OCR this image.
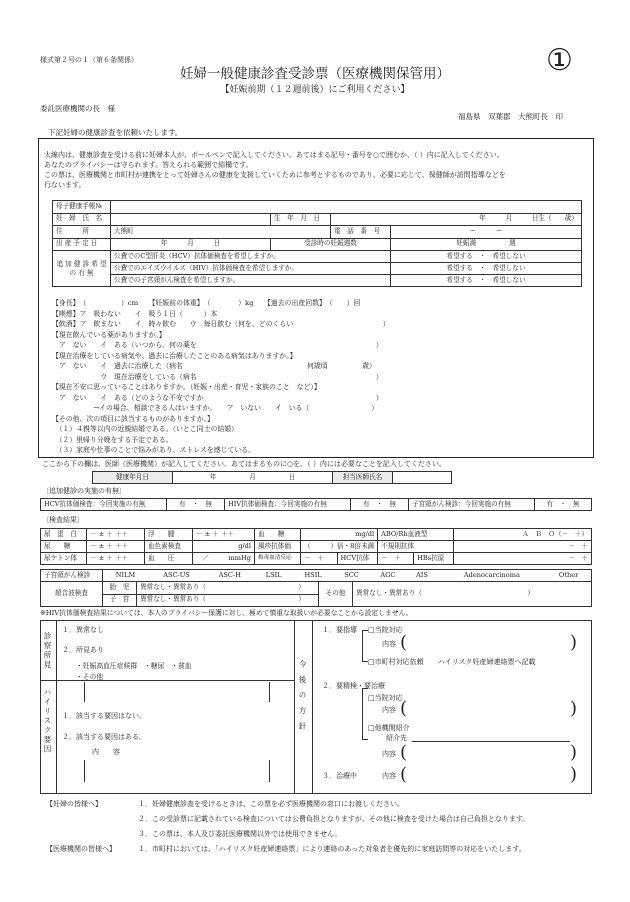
様式第２号の１（第６条関係）
妊婦一般健康診査受診票（医療機関保管用）
【妊娠前期（１２週前後）にご利用ください】
①
委託医療機関の長　様
福島県　双葉郡　大熊町長　印
下記妊婦の健康診査を依頼いたします。
太線内は、健康診査を受ける前に妊婦本人が、ボールペンで記入してください。あてはまる記号・番号を○で囲むか、（ ）内に記入してください。
あなたのプライバシーは守られます。答えられる範囲で結構です。
この票は、医療機関と市町村が連携をとって妊婦さんの健康を支援していくために参考とするものであり、必要に応じて、保健師が訪問指導などを
行ないます。
母子健康手帳№				
妊　婦　氏　名		生　年　月　日	年　　　月　　　日生（　　歳）	
住　　　所	大熊町		電　話　番　号	ー　　　ー
出 産 予 定 日	年　　　月　　　日	受診時の妊娠週数		妊娠満　　　　　週
追 加 健 診 希 望 の 有 無	公費でのC型肝炎（HCV）抗体価検査を希望しますか。			希望する　・　希望しない
	公費でのエイズウイルス（HIV）抗体価検査を希望しますか。			希望する　・　希望しない
	公費での子宮頸がん検査を希望しますか。			希望する　・　希望しない
【身長】　（　　　　　）cm　　【妊娠前の体重】　（　　　　）kg　　【過去の出産回数】　（　　）回
【喫煙】ア　吸わない　　イ　吸う１日（　　　）本
【飲酒】ア　飲まない　　イ　時々飲む　　ウ　毎日飲む（何を、どのくらい　　　　　　　　　　　　　）
【現在飲んでいる薬がありますか。】
　ア　ない　　イ　ある（いつから、何の薬を　　　　　　　　　　　　　　　　　　　　　　　　　　）
【現在治療をしている病気や、過去に治療したことのある病気はありますか。】
　ア　ない　　イ　過去に治療した（病名　　　　　　　　　　　　　　　　　　何歳頃　　　　　歳）
　　　　　　　ウ　現在治療をしている（病名　　　　　　　　　　　　　　　　　　　　　　　　　　）
【現在不安に思っていることはありますか。（妊娠・出産・育児・家族のこと　など）】
　ア　ない　　イ　ある（どのような不安ですか　　　　　　　　　　　　　　　　　　　　　　　　　）
　　　　　　→イの場合、相談できる人はいますか。　　ア　いない　　イ　いる（　　　　　　　　　）
【その他、次の項目に該当するものがありますか。】
　（１）４親等以内の近親結婚である。（いとこ同士の結婚）
　（２）里帰り分娩をする予定である。
　（３）家庭や仕事のことで悩みがあり、ストレスを感じている。
ここから下の欄は、医師（医療機関）が記入してください。あてはまるものに○を、（ ）内には必要なことを記入してください。
健康年月日	年　　　　　月　　　　　日	担当医師氏名	
〔追加健診の実施の有無〕
HCV抗体価検査：今回実施の有無	有　・　無	HIV抗体価検査：今回実施の有無	有　・　無	子宮頸がん検診：今回実施の有無	有　・　無
〔検査結果〕
尿　蛋　白	－ ± ＋ ＋＋	浮　　腫	－ ± ＋ ＋＋	血　　糖	mg/dl		ABO/Rh血液型		Ａ　Ｂ　Ｏ（－　＋）
尿　　糖	－ ± ＋ ＋＋	血色素検査	g/dl	風疹抗体価	（　　　）倍・8倍未満		不規則抗体		－　＋
尿ケトン体	－ ± ＋ ＋＋	血　　圧	／　　　mmHg	梅毒血清反応	－　＋	HCV抗体	－　＋	HBs抗原	－　＋
子宮頸がん検診	NILM	ASC-US	ASC-H	LSIL	HSIL	SCC	AGC	AIS	Adenocarcinoma	Other
超音波検査	胎　児	異常なし・異常あり（　　　　　　　　　　　　　　）	その他	異常なし・異常あり（　　　　　　　　　　　　　　　　）
	子　宮	異常なし・異常あり（　　　　　　　　　　　　　　）		
※HIV抗体価検査結果については、本人のプライバシー保護に対し、極めて慎重な取扱いが必要なことから設定しません。
診察所見
１．異常なし
２．所見あり
・妊娠高血圧症候群　・糖尿　・貧血
・その他
ハイリスク要因 １．該当する要因はない。
２．該当する要因はある。
内　　容
今後の方針
１．要指導 □当院対応
内容 (	)
□市町村対応依頼　　ハイリスク妊産婦連絡票へ記載
２．要精検・要治療
□当院対応
内容 (	)
□他機関紹介
紹介先
内容 (	)
３．治療中	内容 (	)
【妊婦の皆様へ】	１．妊婦健康診査を受けるときは、この票を必ず医療機関の窓口にお渡しください。
２．この受診票に記載されている検査については公費負担となりますが、その他に検査を受けた場合は自己負担となります。
３．この票は、本人及び委託医療機関以外では使用できません。
【医療機関の皆様へ】	１．市町村においては、「ハイリスク妊産婦連絡票」により連絡のあった対象者を優先的に家庭訪問等の対応をいたします。
